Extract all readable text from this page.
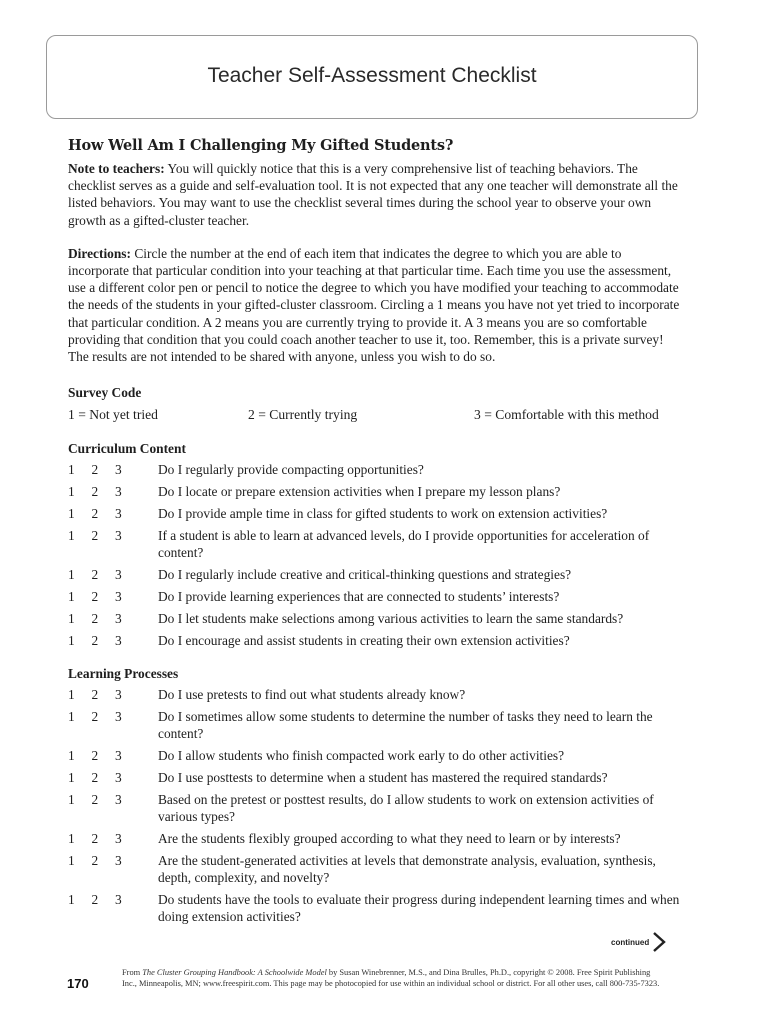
Teacher Self-Assessment Checklist
How Well Am I Challenging My Gifted Students?

Note to teachers: You will quickly notice that this is a very comprehensive list of teaching behaviors. The checklist serves as a guide and self-evaluation tool. It is not expected that any one teacher will demonstrate all the listed behaviors. You may want to use the checklist several times during the school year to observe your own growth as a gifted-cluster teacher.

Directions: Circle the number at the end of each item that indicates the degree to which you are able to incorporate that particular condition into your teaching at that particular time. Each time you use the assessment, use a different color pen or pencil to notice the degree to which you have modified your teaching to accommodate the needs of the students in your gifted-cluster classroom. Circling a 1 means you have not yet tried to incorporate that particular condition. A 2 means you are currently trying to provide it. A 3 means you are so comfortable providing that condition that you could coach another teacher to use it, too. Remember, this is a private survey! The results are not intended to be shared with anyone, unless you wish to do so.

Survey Code
1 = Not yet tried	2 = Currently trying	3 = Comfortable with this method
Curriculum Content
1	2	3	Do I regularly provide compacting opportunities?
1	2	3	Do I locate or prepare extension activities when I prepare my lesson plans?
1	2	3	Do I provide ample time in class for gifted students to work on extension activities?
1	2	3	If a student is able to learn at advanced levels, do I provide opportunities for acceleration of content?
1	2	3	Do I regularly include creative and critical-thinking questions and strategies?
1	2	3	Do I provide learning experiences that are connected to students’ interests?
1	2	3	Do I let students make selections among various activities to learn the same standards?
1	2	3	Do I encourage and assist students in creating their own extension activities?
Learning Processes
1	2	3	Do I use pretests to find out what students already know?
1	2	3	Do I sometimes allow some students to determine the number of tasks they need to learn the content?
1	2	3	Do I allow students who finish compacted work early to do other activities?
1	2	3	Do I use posttests to determine when a student has mastered the required standards?
1	2	3	Based on the pretest or posttest results, do I allow students to work on extension activities of various types?
1	2	3	Are the students flexibly grouped according to what they need to learn or by interests?
1	2	3	Are the student-generated activities at levels that demonstrate analysis, evaluation, synthesis, depth, complexity, and novelty?
1	2	3	Do students have the tools to evaluate their progress during independent learning times and when doing extension activities?
continued
170
From The Cluster Grouping Handbook: A Schoolwide Model by Susan Winebrenner, M.S., and Dina Brulles, Ph.D., copyright © 2008. Free Spirit Publishing Inc., Minneapolis, MN; www.freespirit.com. This page may be photocopied for use within an individual school or district. For all other uses, call 800-735-7323.
